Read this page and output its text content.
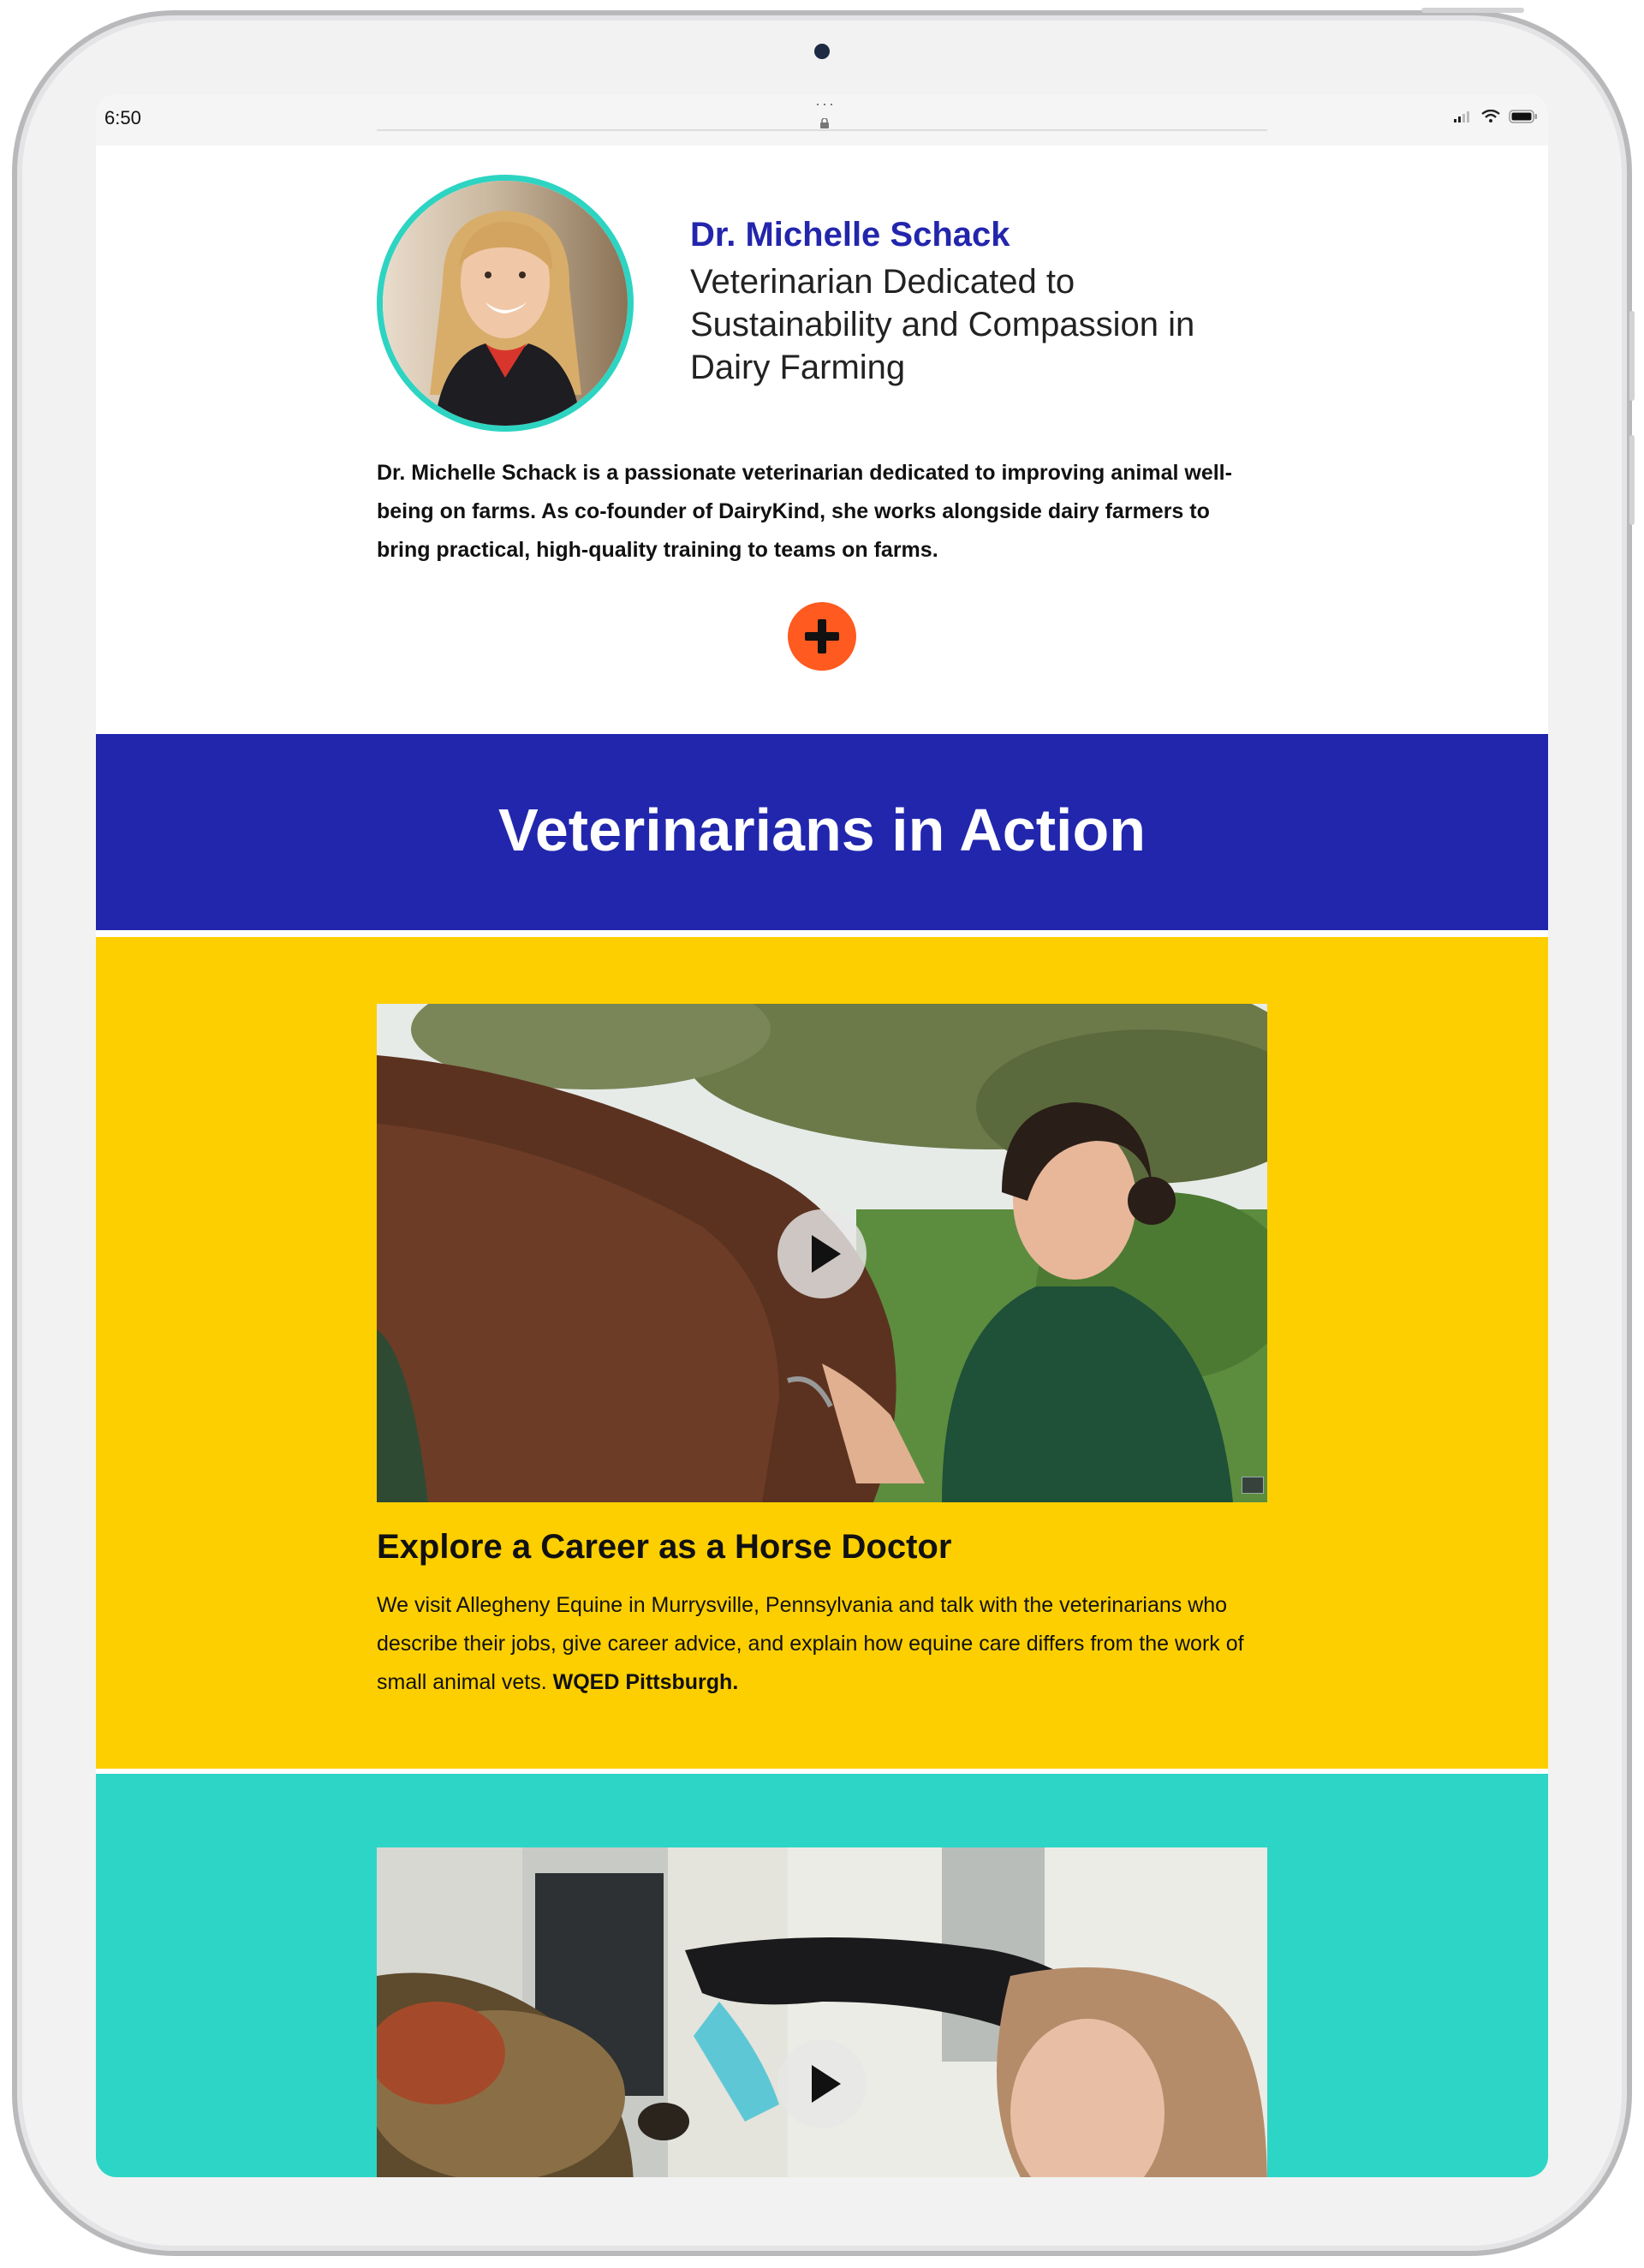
6:50
···
Dr. Michelle Schack
Veterinarian Dedicated to Sustainability and Compassion in Dairy Farming
Dr. Michelle Schack is a passionate veterinarian dedicated to improving animal well-being on farms. As co-founder of DairyKind, she works alongside dairy farmers to bring practical, high-quality training to teams on farms.
Veterinarians in Action
Explore a Career as a Horse Doctor
We visit Allegheny Equine in Murrysville, Pennsylvania and talk with the veterinarians who describe their jobs, give career advice, and explain how equine care differs from the work of small animal vets. WQED Pittsburgh.
